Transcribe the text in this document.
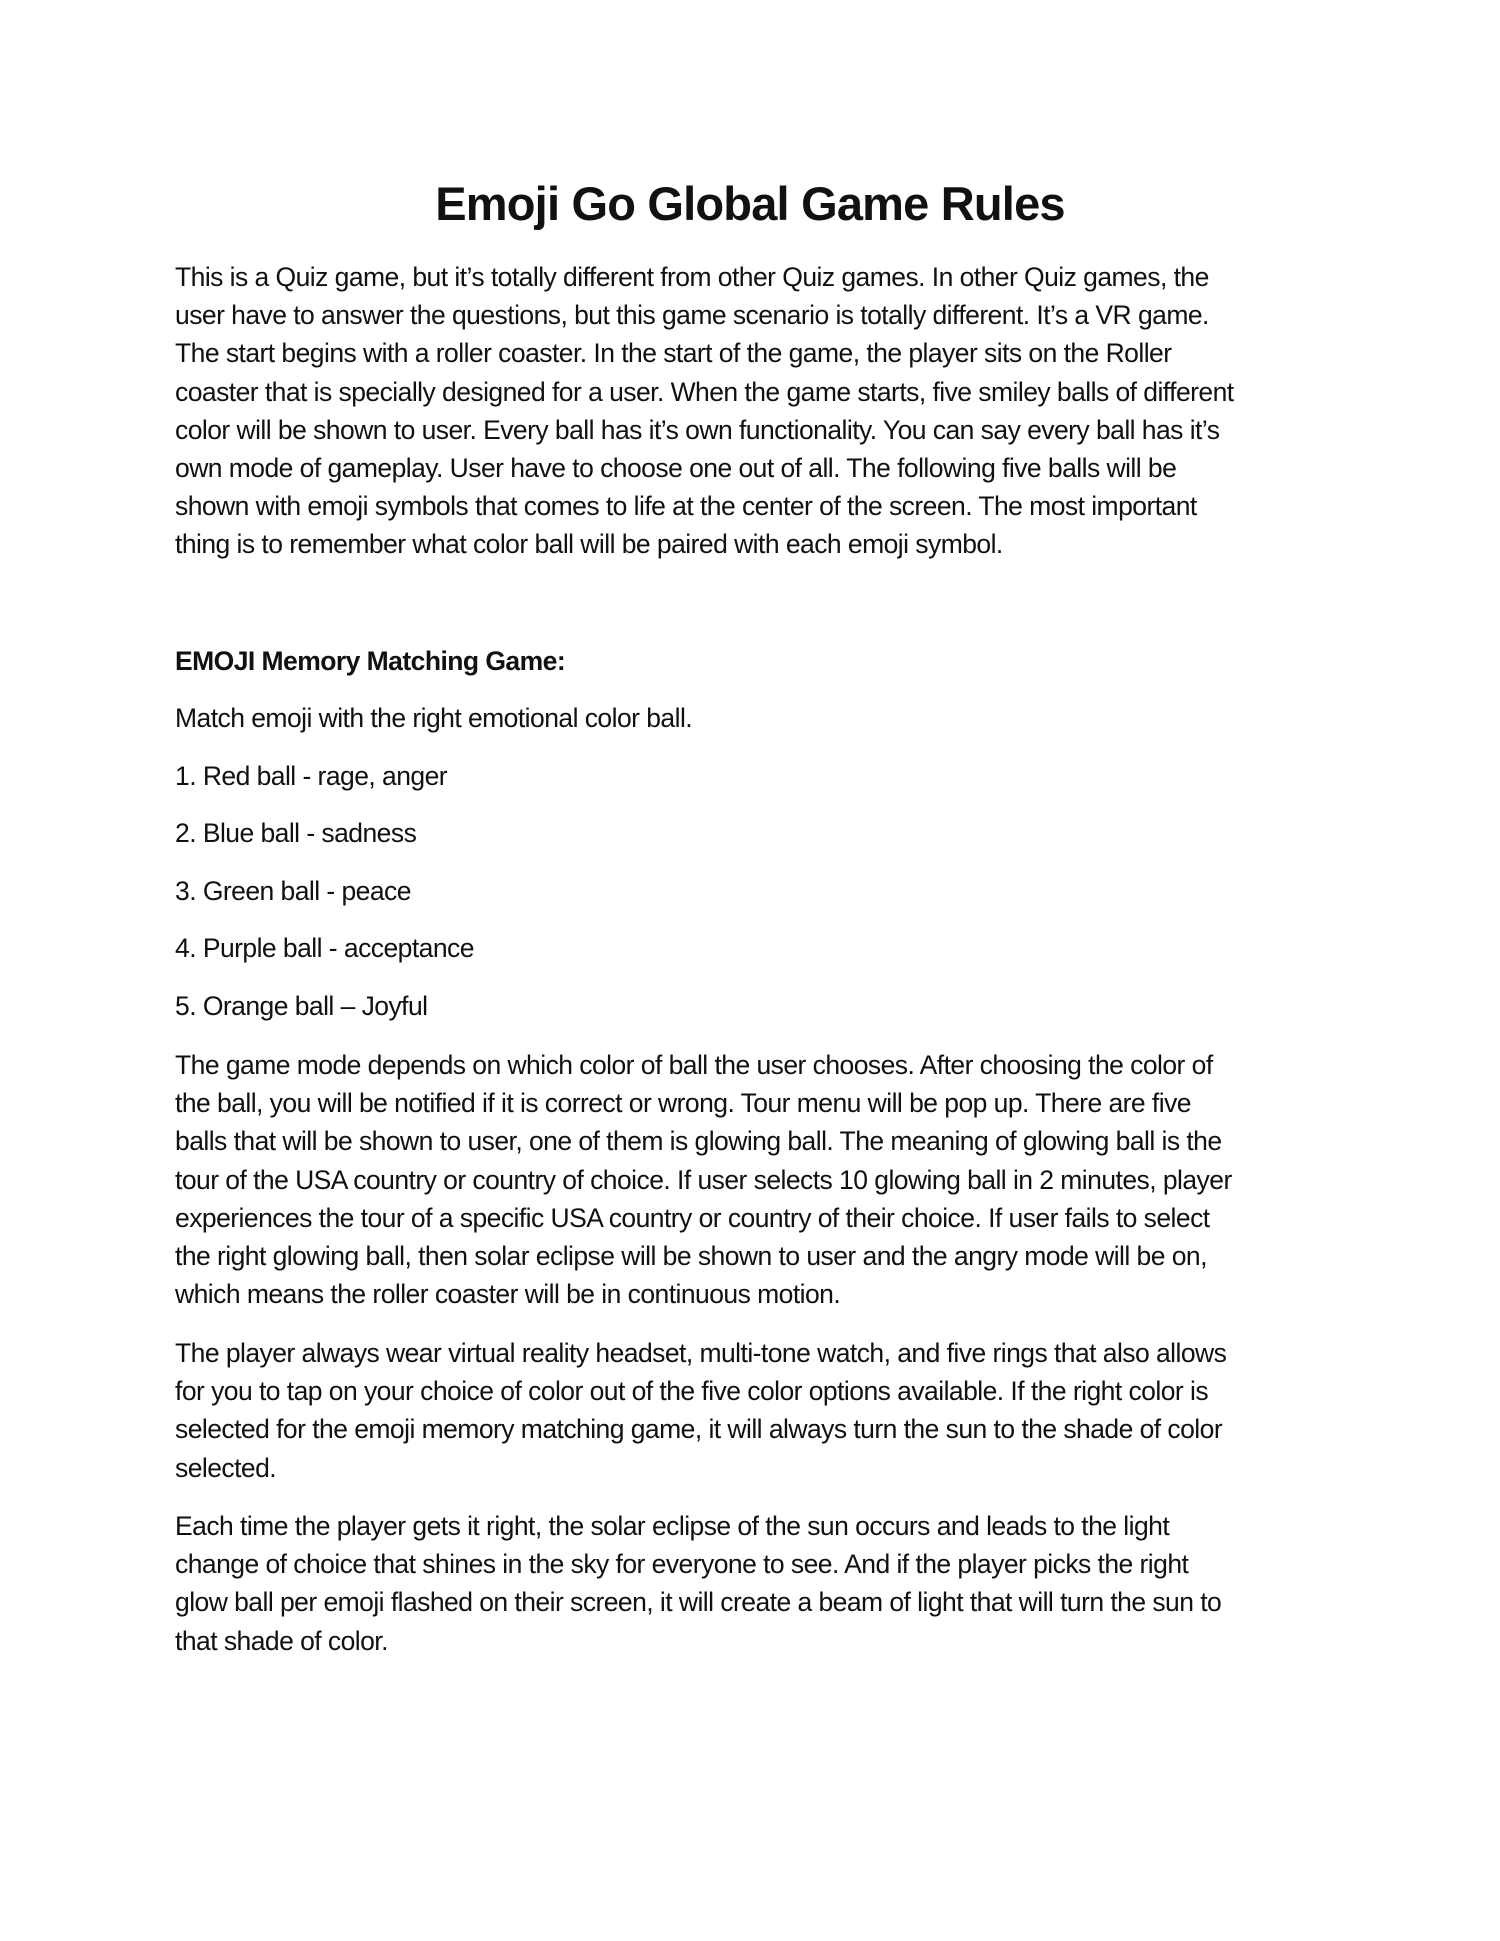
Emoji Go Global Game Rules
This is a Quiz game, but it’s totally different from other Quiz games. In other Quiz games, the
user have to answer the questions, but this game scenario is totally different. It’s a VR game.
The start begins with a roller coaster. In the start of the game, the player sits on the Roller
coaster that is specially designed for a user. When the game starts, five smiley balls of different
color will be shown to user. Every ball has it’s own functionality. You can say every ball has it’s
own mode of gameplay. User have to choose one out of all. The following five balls will be
shown with emoji symbols that comes to life at the center of the screen. The most important
thing is to remember what color ball will be paired with each emoji symbol.
EMOJI Memory Matching Game:
Match emoji with the right emotional color ball.
1. Red ball - rage, anger
2. Blue ball - sadness
3. Green ball - peace
4. Purple ball - acceptance
5. Orange ball – Joyful
The game mode depends on which color of ball the user chooses. After choosing the color of
the ball, you will be notified if it is correct or wrong. Tour menu will be pop up. There are five
balls that will be shown to user, one of them is glowing ball. The meaning of glowing ball is the
tour of the USA country or country of choice. If user selects 10 glowing ball in 2 minutes, player
experiences the tour of a specific USA country or country of their choice. If user fails to select
the right glowing ball, then solar eclipse will be shown to user and the angry mode will be on,
which means the roller coaster will be in continuous motion.
The player always wear virtual reality headset, multi-tone watch, and five rings that also allows
for you to tap on your choice of color out of the five color options available. If the right color is
selected for the emoji memory matching game, it will always turn the sun to the shade of color
selected.
Each time the player gets it right, the solar eclipse of the sun occurs and leads to the light
change of choice that shines in the sky for everyone to see. And if the player picks the right
glow ball per emoji flashed on their screen, it will create a beam of light that will turn the sun to
that shade of color.
